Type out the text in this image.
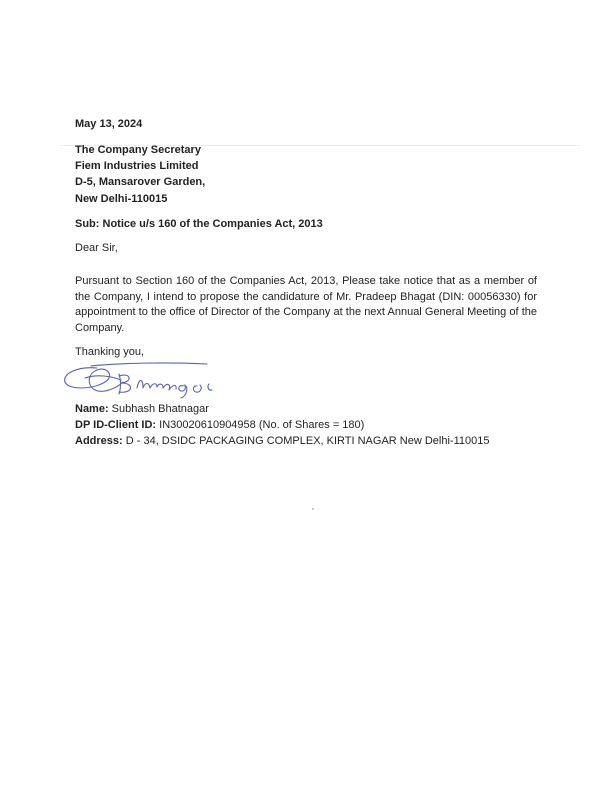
May 13, 2024
The Company Secretary
Fiem Industries Limited
D-5, Mansarover Garden,
New Delhi-110015
Sub: Notice u/s 160 of the Companies Act, 2013
Dear Sir,
Pursuant to Section 160 of the Companies Act, 2013, Please take notice that as a member of the Company, I intend to propose the candidature of Mr. Pradeep Bhagat (DIN: 00056330) for appointment to the office of Director of the Company at the next Annual General Meeting of the Company.
Thanking you,
Name: Subhash Bhatnagar
DP ID-Client ID: IN30020610904958 (No. of Shares = 180)
Address: D - 34, DSIDC PACKAGING COMPLEX, KIRTI NAGAR New Delhi-110015
